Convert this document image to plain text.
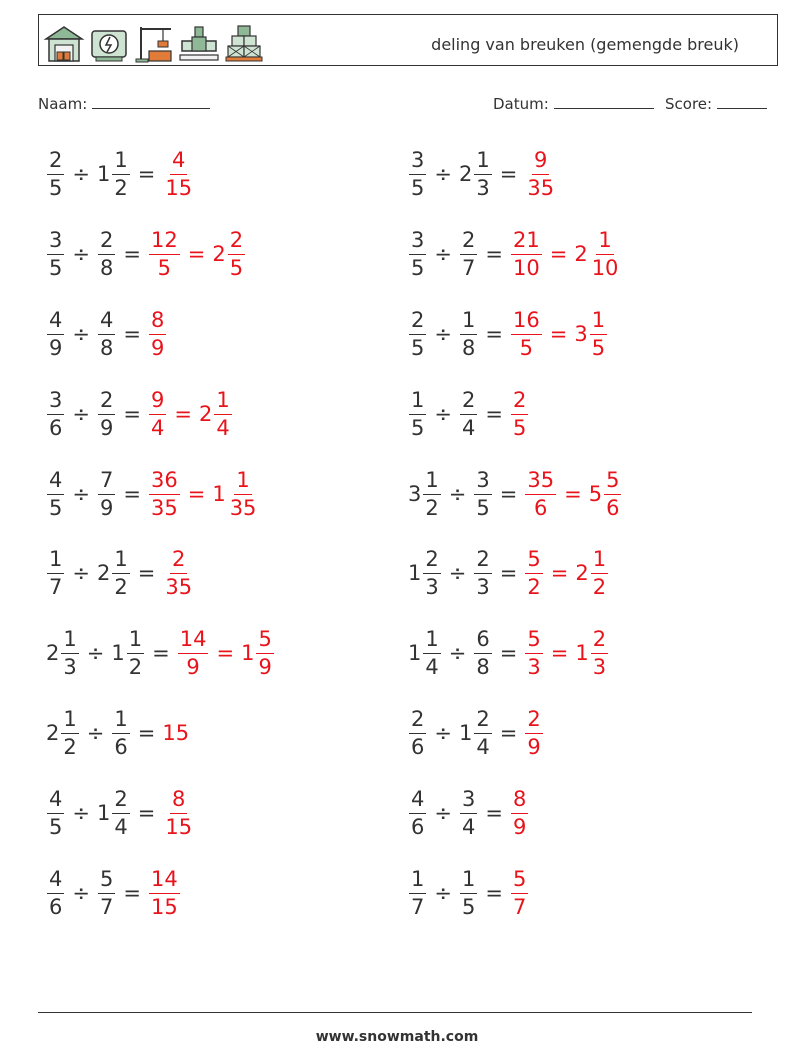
deling van breuken (gemengde breuk)
Naam:	Datum:	Score:
$\frac{2}{5} \div 1 \frac{1}{2} = \frac{4}{15}$	$\frac{3}{5} \div 2 \frac{1}{3} = \frac{9}{35}$
$\frac{3}{5} \div \frac{2}{8} = \frac{12}{5} = 2 \frac{2}{5}$	$\frac{3}{5} \div \frac{2}{7} = \frac{21}{10} = 2 \frac{1}{10}$
$\frac{4}{9} \div \frac{4}{8} = \frac{8}{9}$	$\frac{2}{5} \div \frac{1}{8} = \frac{16}{5} = 3 \frac{1}{5}$
$\frac{3}{6} \div \frac{2}{9} = \frac{9}{4} = 2 \frac{1}{4}$	$\frac{1}{5} \div \frac{2}{4} = \frac{2}{5}$
$\frac{4}{5} \div \frac{7}{9} = \frac{36}{35} = 1 \frac{1}{35}$	$3 \frac{1}{2} \div \frac{3}{5} = \frac{35}{6} = 5 \frac{5}{6}$
$\frac{1}{7} \div 2 \frac{1}{2} = \frac{2}{35}$	$1 \frac{2}{3} \div \frac{2}{3} = \frac{5}{2} = 2 \frac{1}{2}$
$2 \frac{1}{3} \div 1 \frac{1}{2} = \frac{14}{9} = 1 \frac{5}{9}$	$1 \frac{1}{4} \div \frac{6}{8} = \frac{5}{3} = 1 \frac{2}{3}$
$2 \frac{1}{2} \div \frac{1}{6} = 15$	$\frac{2}{6} \div 1 \frac{2}{4} = \frac{2}{9}$
$\frac{4}{5} \div 1 \frac{2}{4} = \frac{8}{15}$	$\frac{4}{6} \div \frac{3}{4} = \frac{8}{9}$
$\frac{4}{6} \div \frac{5}{7} = \frac{14}{15}$	$\frac{1}{7} \div \frac{1}{5} = \frac{5}{7}$
www.snowmath.com
